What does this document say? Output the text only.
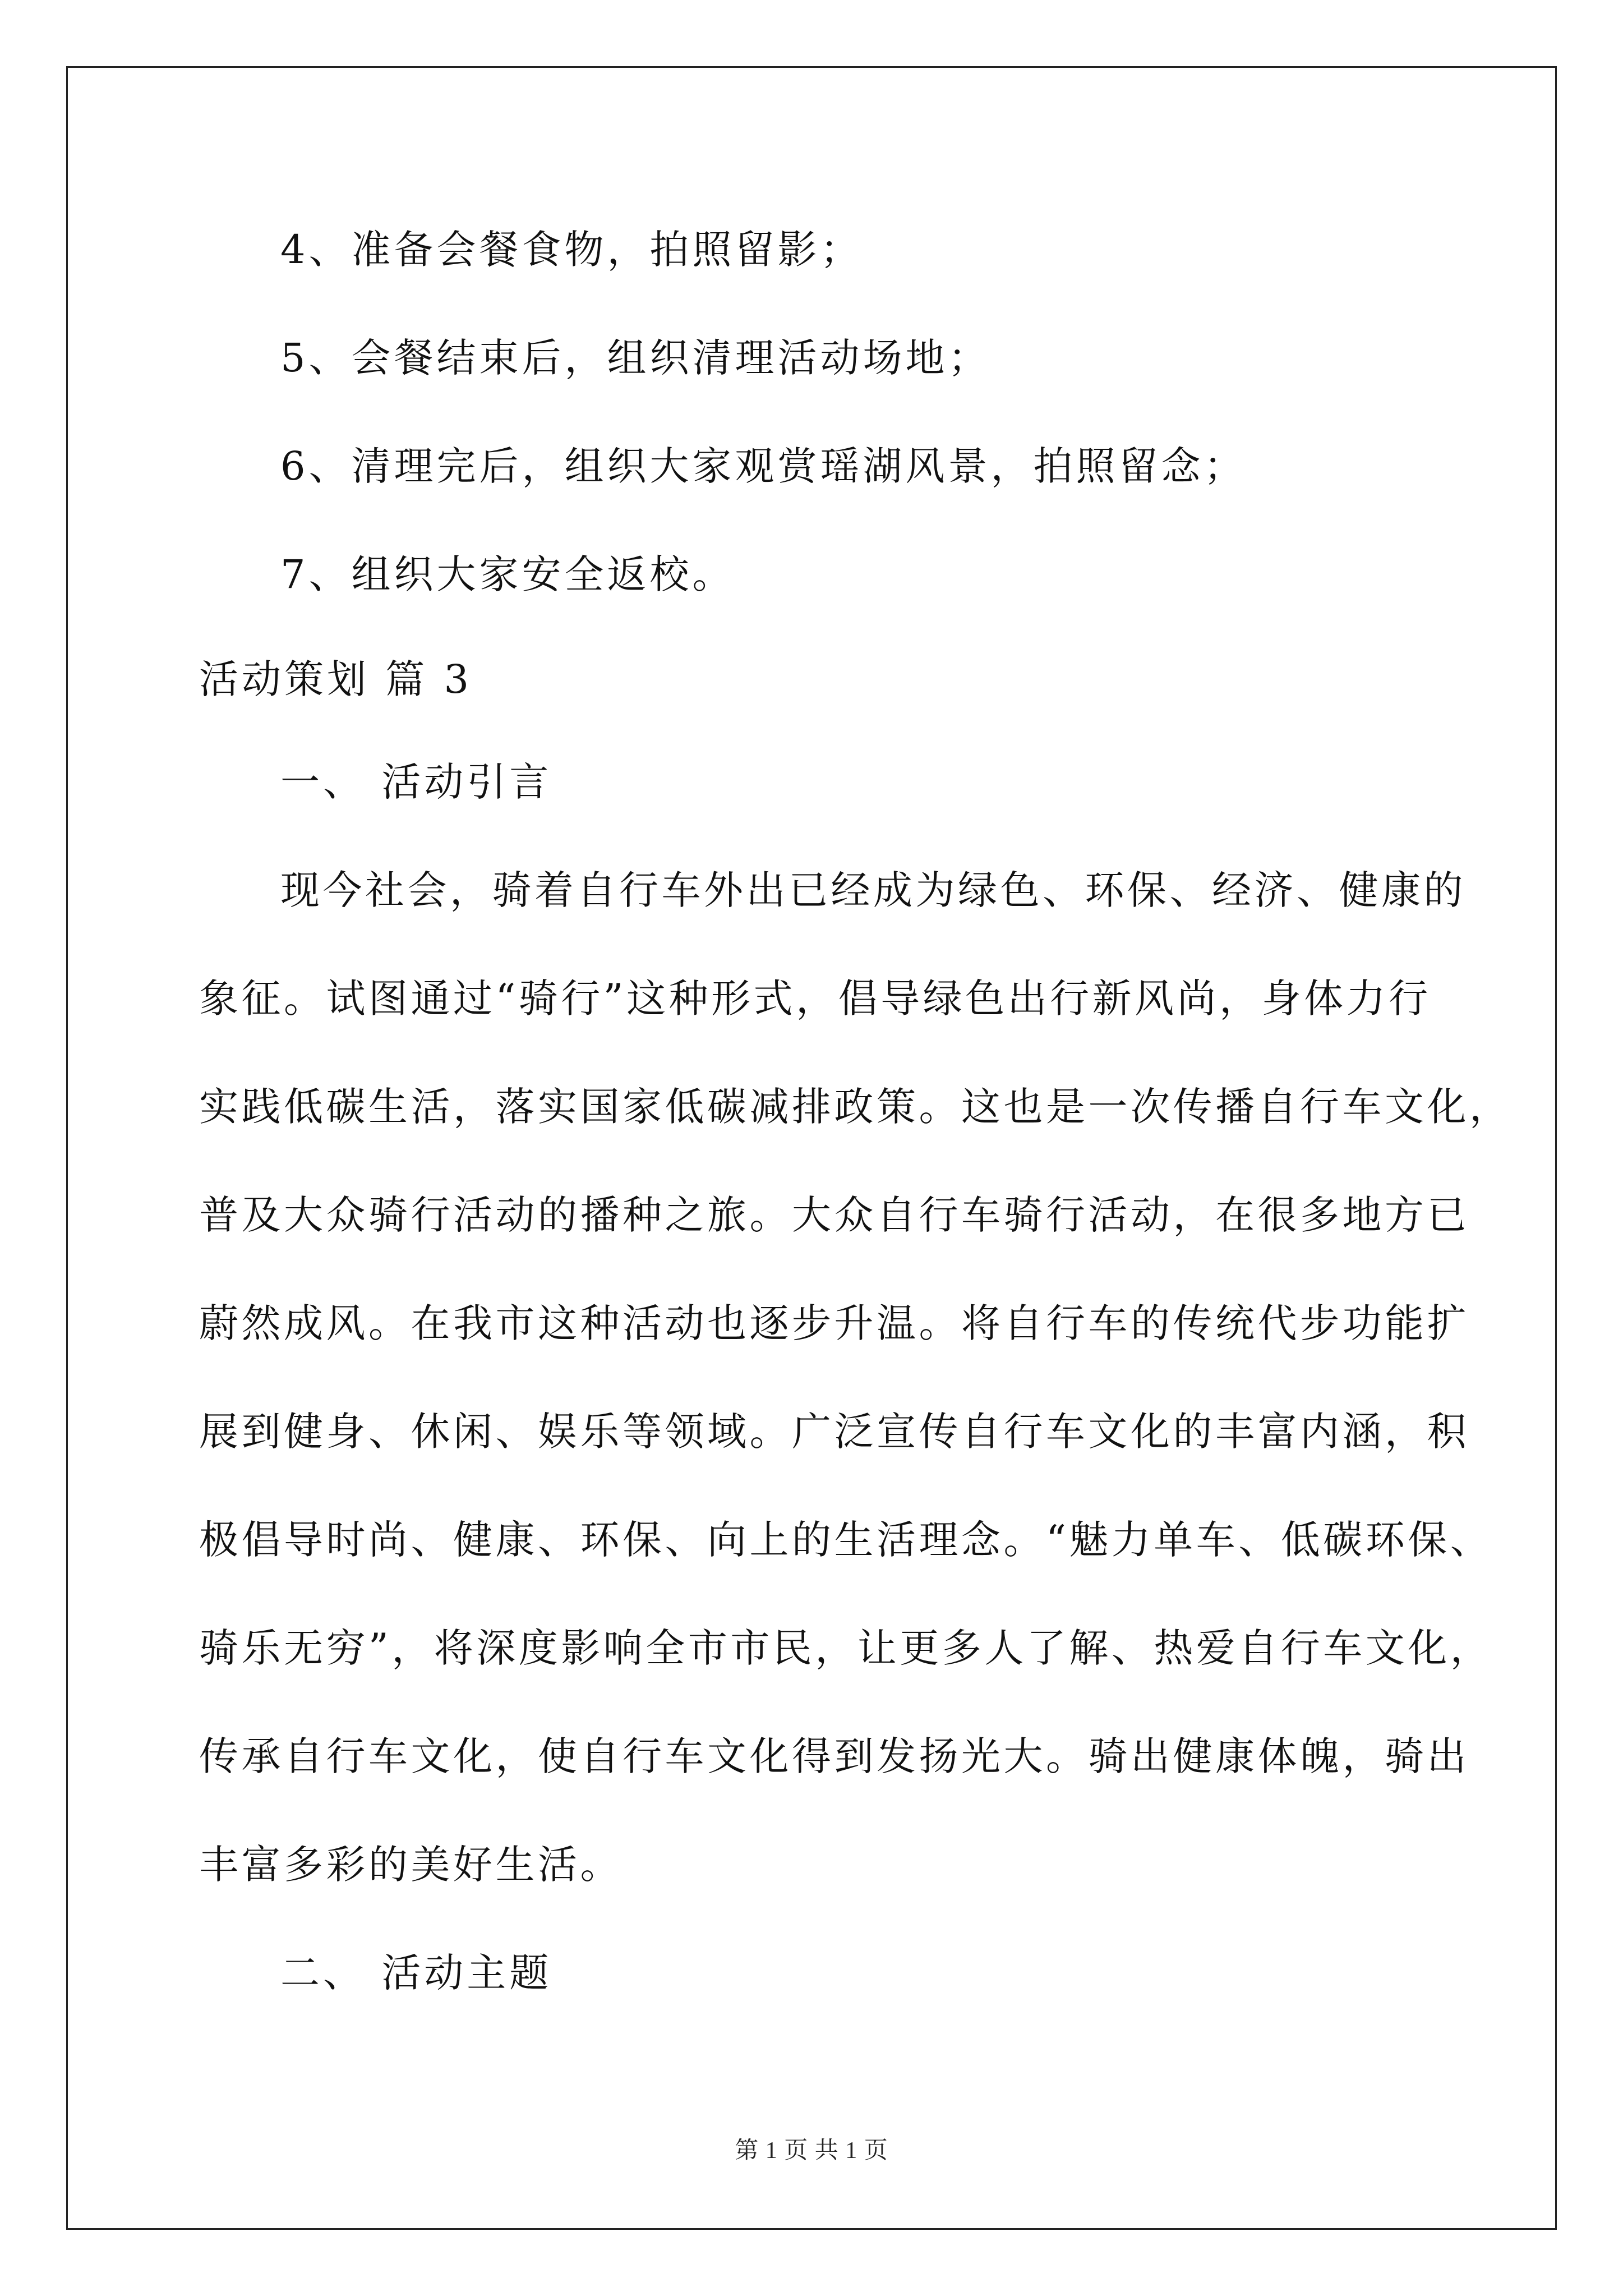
4、准备会餐食物，拍照留影；
5、会餐结束后，组织清理活动场地；
6、清理完后，组织大家观赏瑶湖风景，拍照留念；
7、组织大家安全返校。
活动策划 篇 3
一、 活动引言
现今社会，骑着自行车外出已经成为绿色、环保、经济、健康的
象征。试图通过“骑行”这种形式，倡导绿色出行新风尚，身体力行
实践低碳生活，落实国家低碳减排政策。这也是一次传播自行车文化，
普及大众骑行活动的播种之旅。大众自行车骑行活动，在很多地方已
蔚然成风。在我市这种活动也逐步升温。将自行车的传统代步功能扩
展到健身、休闲、娱乐等领域。广泛宣传自行车文化的丰富内涵，积
极倡导时尚、健康、环保、向上的生活理念。“魅力单车、低碳环保、
骑乐无穷”，将深度影响全市市民，让更多人了解、热爱自行车文化，
传承自行车文化，使自行车文化得到发扬光大。骑出健康体魄，骑出
丰富多彩的美好生活。
二、 活动主题
第 1 页 共 1 页
